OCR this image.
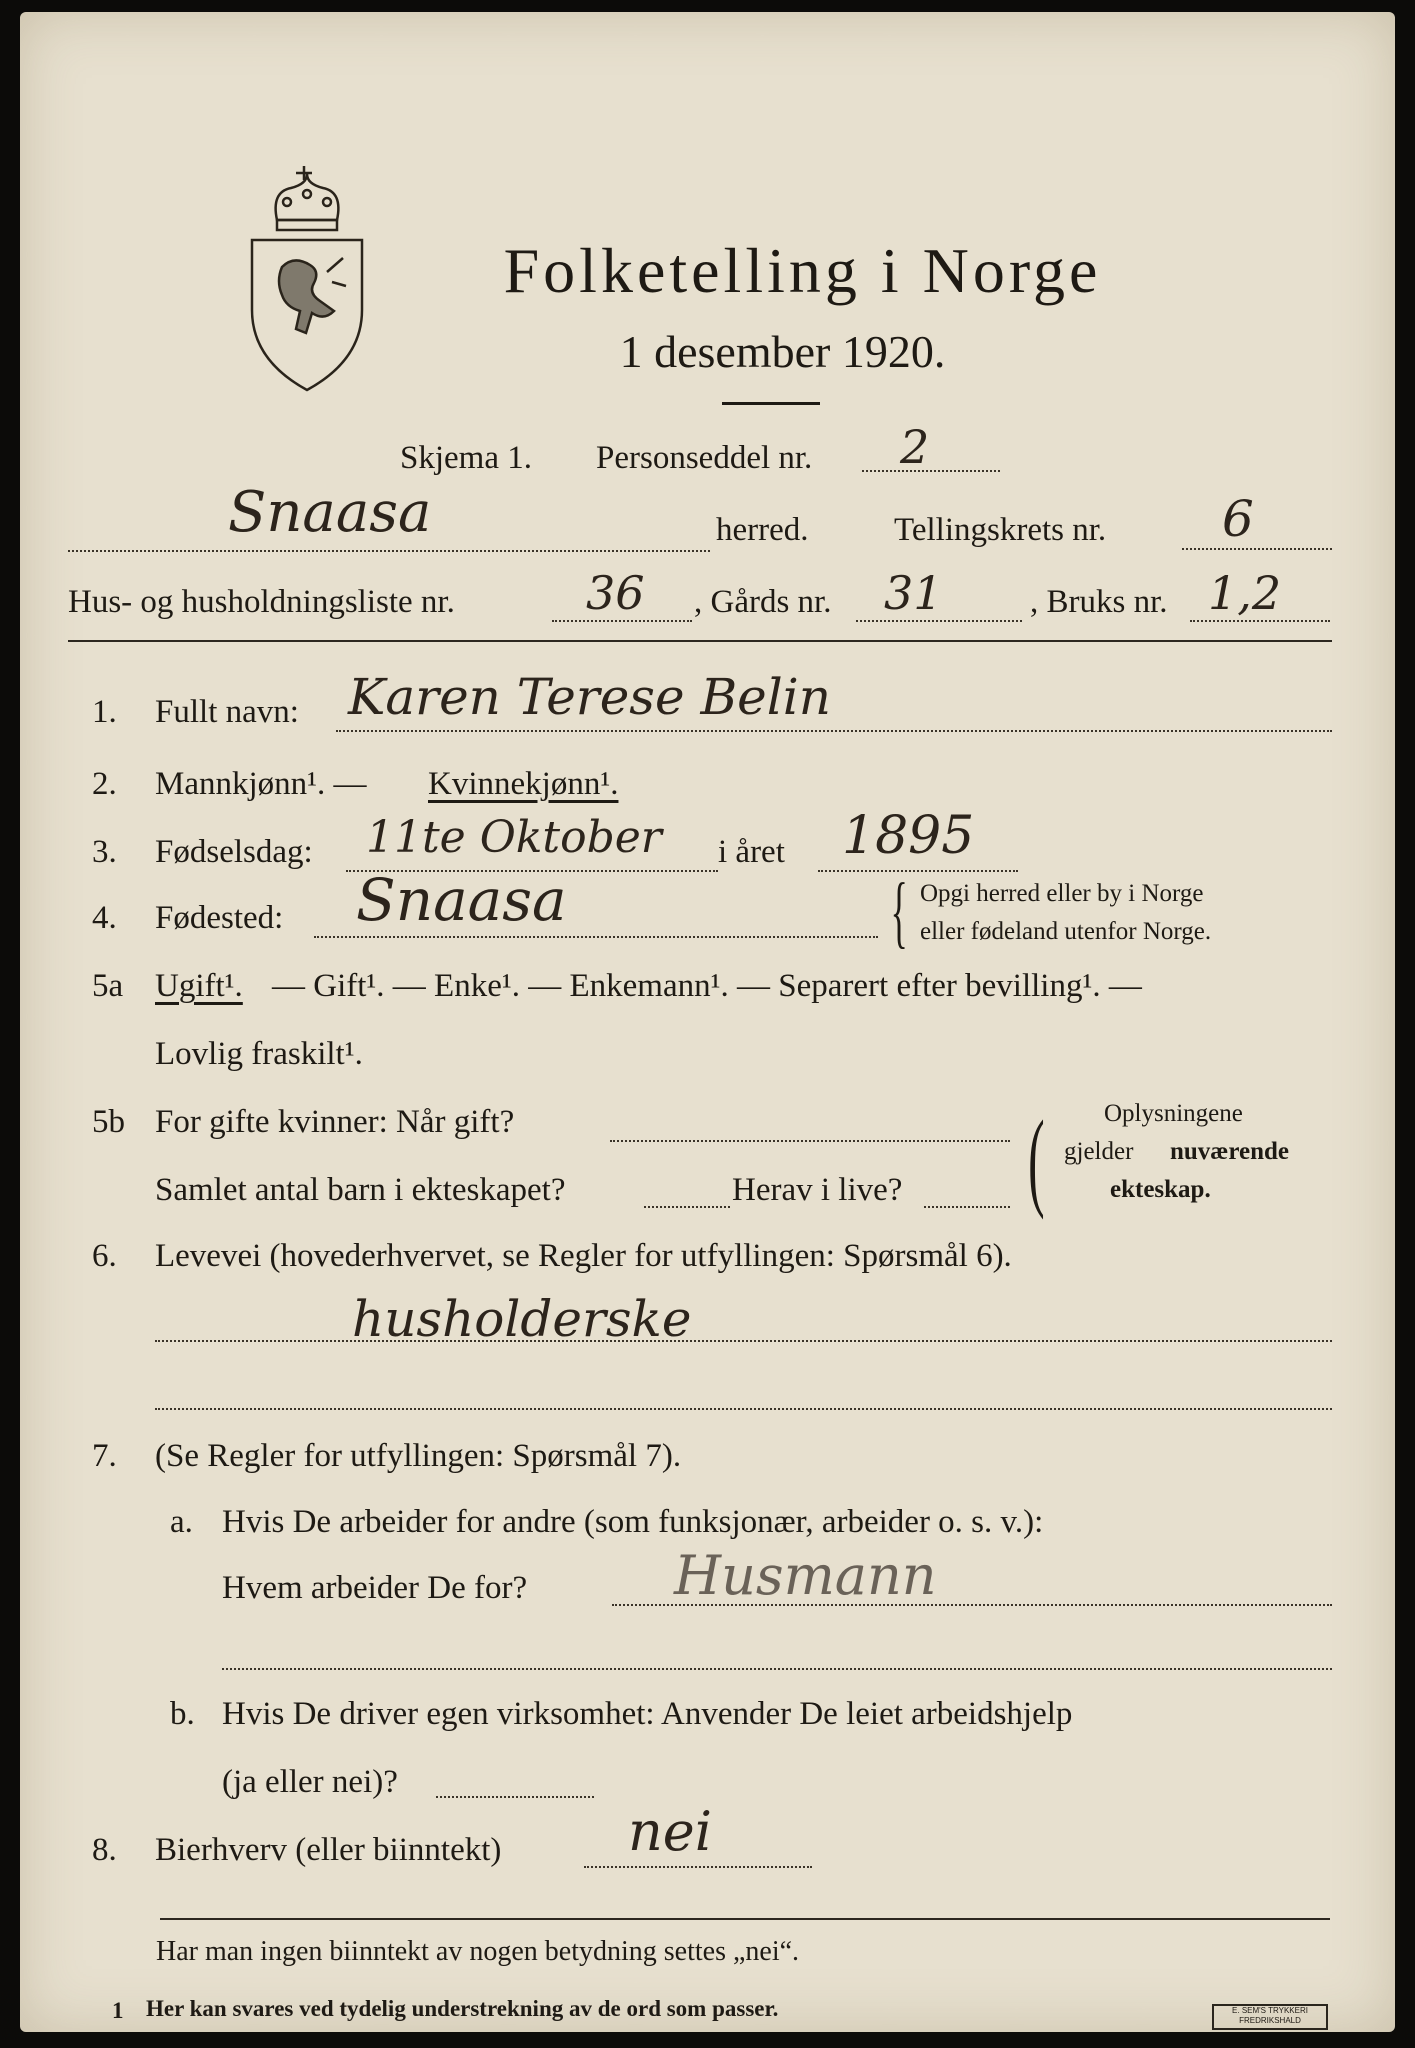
Folketelling i Norge
1 desember 1920.
Skjema 1. Personseddel nr. 2
Snaasa	herred.	Tellingskrets nr. 6
Hus- og husholdningsliste nr.	36 , Gårds nr. 31	, Bruks nr. 1,2
1. Fullt navn: Karen Terese Belin
2. Mannkjønn¹. — Kvinnekjønn¹.
3. Fødselsdag: 11te Oktober i året 1895
4. Fødested: Snaasa	{ Opgi herred eller by i Norge
eller fødeland utenfor Norge.
5a Ugift¹. — Gift¹. — Enke¹. — Enkemann¹. — Separert efter bevilling¹. —
Lovlig fraskilt¹.
5b For gifte kvinner: Når gift?
Samlet antal barn i ekteskapet?	Herav i live? ( Oplysningene
gjelder nuværende
ekteskap.
6. Levevei (hovederhvervet, se Regler for utfyllingen: Spørsmål 6).
husholderske
7. (Se Regler for utfyllingen: Spørsmål 7).
a. Hvis De arbeider for andre (som funksjonær, arbeider o. s. v.):
Hvem arbeider De for?	Husmann
b. Hvis De driver egen virksomhet: Anvender De leiet arbeidshjelp
(ja eller nei)?
8. Bierhverv (eller biinntekt) nei
Har man ingen biinntekt av nogen betydning settes „nei“.
1 Her kan svares ved tydelig understrekning av de ord som passer.	E. SEM'S TRYKKERI FREDRIKSHALD
